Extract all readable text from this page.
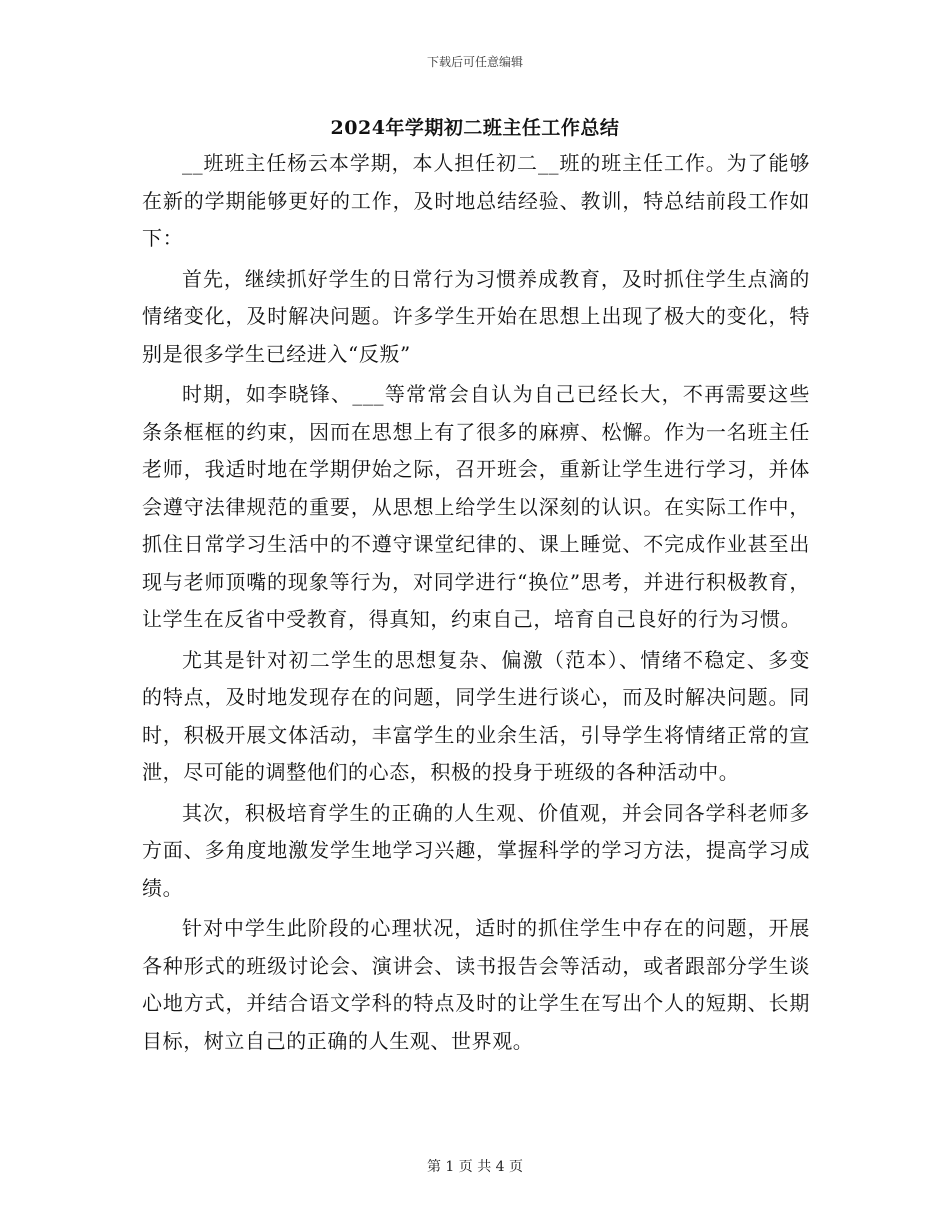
下载后可任意编辑
2024年学期初二班主任工作总结

__班班主任杨云本学期，本人担任初二__班的班主任工作。为了能够在新的学期能够更好的工作，及时地总结经验、教训，特总结前段工作如下：

首先，继续抓好学生的日常行为习惯养成教育，及时抓住学生点滴的情绪变化，及时解决问题。许多学生开始在思想上出现了极大的变化，特别是很多学生已经进入“反叛”

时期，如李晓锋、___等常常会自认为自己已经长大，不再需要这些条条框框的约束，因而在思想上有了很多的麻痹、松懈。作为一名班主任老师，我适时地在学期伊始之际，召开班会，重新让学生进行学习，并体会遵守法律规范的重要，从思想上给学生以深刻的认识。在实际工作中，抓住日常学习生活中的不遵守课堂纪律的、课上睡觉、不完成作业甚至出现与老师顶嘴的现象等行为，对同学进行“换位”思考，并进行积极教育，让学生在反省中受教育，得真知，约束自己，培育自己良好的行为习惯。

尤其是针对初二学生的思想复杂、偏激（范本）、情绪不稳定、多变的特点，及时地发现存在的问题，同学生进行谈心，而及时解决问题。同时，积极开展文体活动，丰富学生的业余生活，引导学生将情绪正常的宣泄，尽可能的调整他们的心态，积极的投身于班级的各种活动中。

其次，积极培育学生的正确的人生观、价值观，并会同各学科老师多方面、多角度地激发学生地学习兴趣，掌握科学的学习方法，提高学习成绩。

针对中学生此阶段的心理状况，适时的抓住学生中存在的问题，开展各种形式的班级讨论会、演讲会、读书报告会等活动，或者跟部分学生谈心地方式，并结合语文学科的特点及时的让学生在写出个人的短期、长期目标，树立自己的正确的人生观、世界观。

第 1 页 共 4 页
